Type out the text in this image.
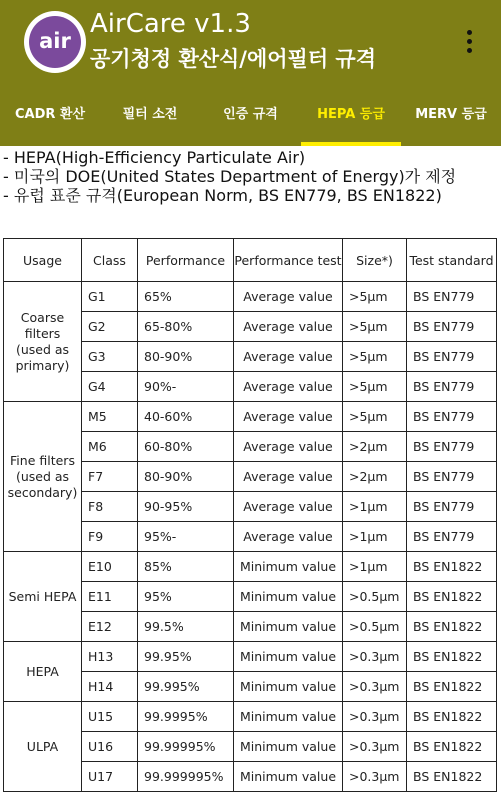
air
AirCare v1.3
공기청정 환산식/에어필터 규격
CADR 환산	필터 소전	인증 규격	HEPA 등급	MERV 등급
- HEPA(High-Efficiency Particulate Air)
- 미국의 DOE(United States Department of Energy)가 제정
- 유럽 표준 규격(European Norm, BS EN779, BS EN1822)
Usage	Class	Performance	Performance test	Size*)	Test standard
Coarse filters (used as primary)	G1	65%	Average value	>5µm	BS EN779
	G2	65-80%	Average value	>5µm	BS EN779
	G3	80-90%	Average value	>5µm	BS EN779
	G4	90%-	Average value	>5µm	BS EN779
Fine filters (used as secondary)	M5	40-60%	Average value	>5µm	BS EN779
	M6	60-80%	Average value	>2µm	BS EN779
	F7	80-90%	Average value	>2µm	BS EN779
	F8	90-95%	Average value	>1µm	BS EN779
	F9	95%-	Average value	>1µm	BS EN779
Semi HEPA	E10	85%	Minimum value	>1µm	BS EN1822
	E11	95%	Minimum value	>0.5µm	BS EN1822
	E12	99.5%	Minimum value	>0.5µm	BS EN1822
HEPA	H13	99.95%	Minimum value	>0.3µm	BS EN1822
	H14	99.995%	Minimum value	>0.3µm	BS EN1822
ULPA	U15	99.9995%	Minimum value	>0.3µm	BS EN1822
	U16	99.99995%	Minimum value	>0.3µm	BS EN1822
	U17	99.999995%	Minimum value	>0.3µm	BS EN1822
